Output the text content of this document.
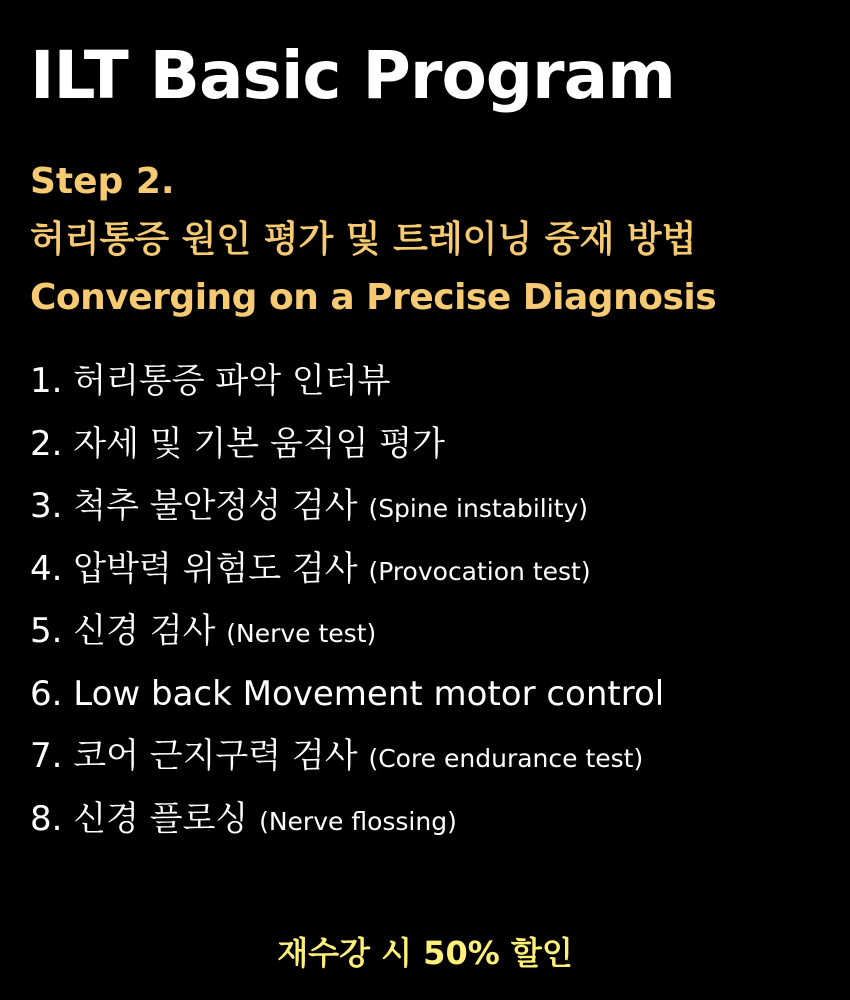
ILT Basic Program
Step 2.
허리통증 원인 평가 및 트레이닝 중재 방법
Converging on a Precise Diagnosis
1. 허리통증 파악 인터뷰
2. 자세 및 기본 움직임 평가
3. 척추 불안정성 검사 (Spine instability)
4. 압박력 위험도 검사 (Provocation test)
5. 신경 검사 (Nerve test)
6. Low back Movement motor control
7. 코어 근지구력 검사 (Core endurance test)
8. 신경 플로싱 (Nerve flossing)
재수강 시 50% 할인
